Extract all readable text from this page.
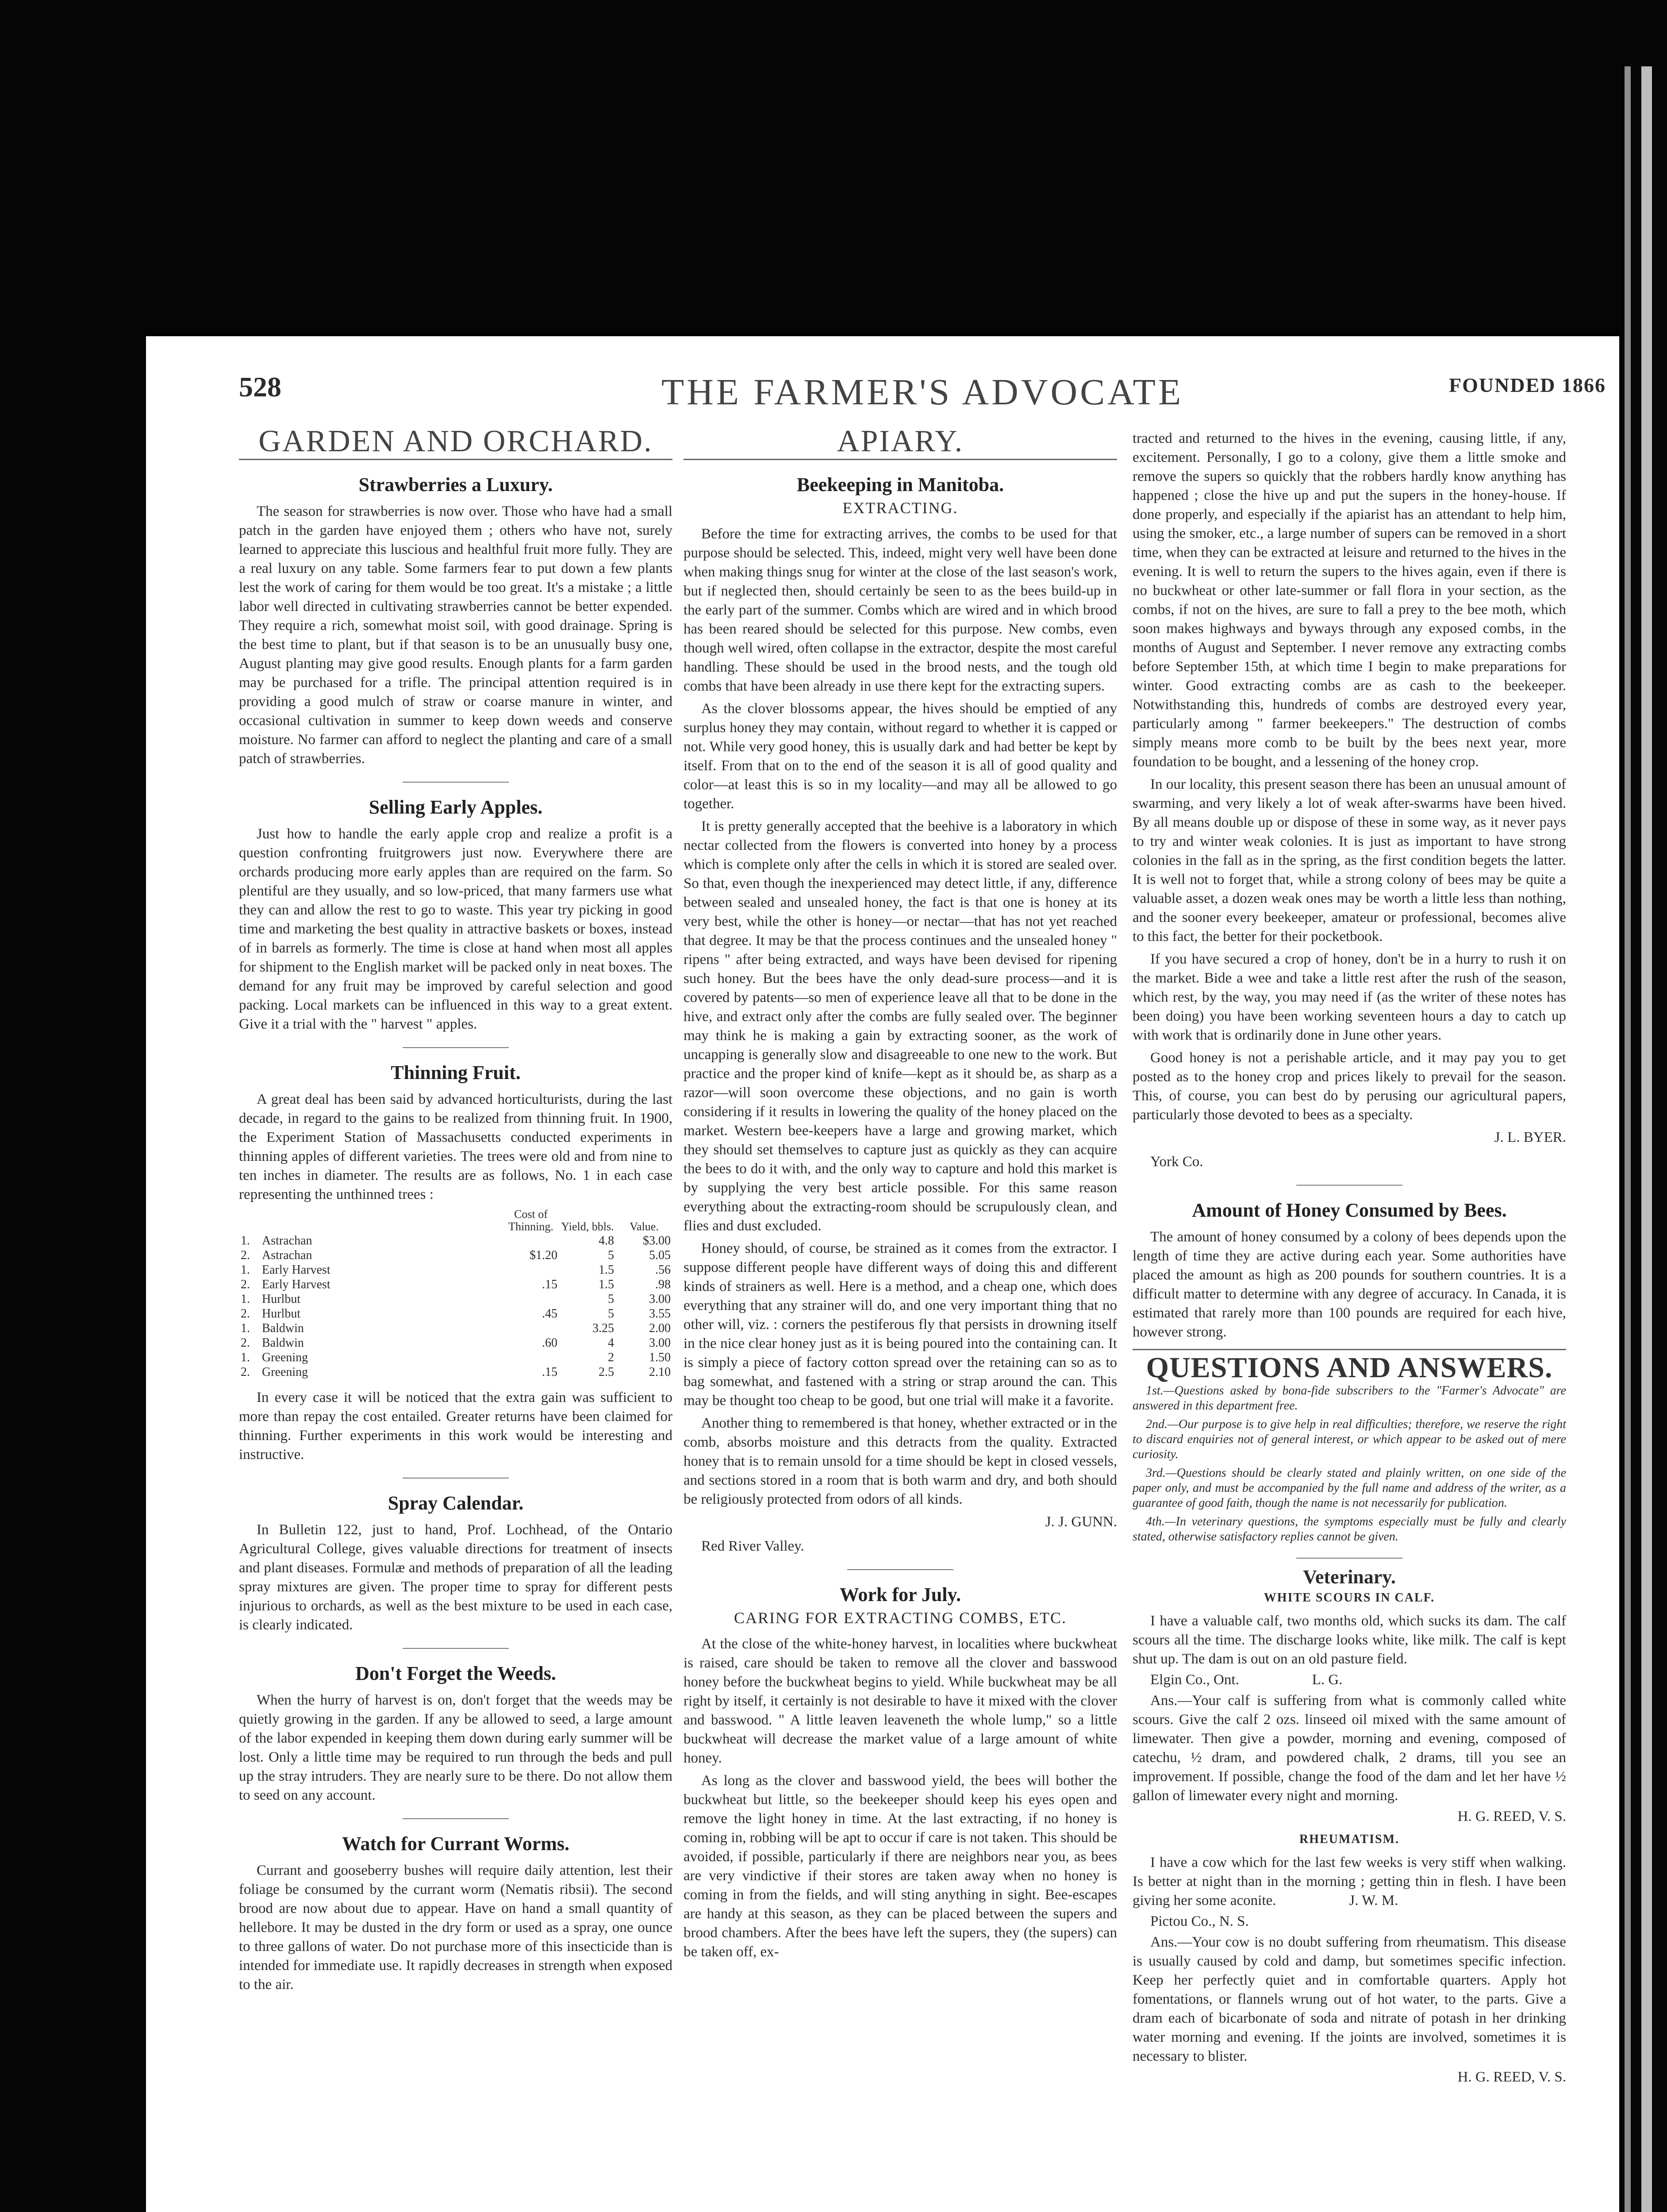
THE FARMER'S ADVOCATE
528	FOUNDED 1866
GARDEN AND ORCHARD.
Strawberries a Luxury.

The season for strawberries is now over. Those who have had a small patch in the garden have enjoyed them ; others who have not, surely learned to appreciate this luscious and healthful fruit more fully. They are a real luxury on any table. Some farmers fear to put down a few plants lest the work of caring for them would be too great. It's a mistake ; a little labor well directed in cultivating strawberries cannot be better expended. They require a rich, somewhat moist soil, with good drainage. Spring is the best time to plant, but if that season is to be an unusually busy one, August planting may give good results. Enough plants for a farm garden may be purchased for a trifle. The principal attention required is in providing a good mulch of straw or coarse manure in winter, and occasional cultivation in summer to keep down weeds and conserve moisture. No farmer can afford to neglect the planting and care of a small patch of strawberries.

Selling Early Apples.

Just how to handle the early apple crop and realize a profit is a question confronting fruitgrowers just now. Everywhere there are orchards producing more early apples than are required on the farm. So plentiful are they usually, and so low-priced, that many farmers use what they can and allow the rest to go to waste. This year try picking in good time and marketing the best quality in attractive baskets or boxes, instead of in barrels as formerly. The time is close at hand when most all apples for shipment to the English market will be packed only in neat boxes. The demand for any fruit may be improved by careful selection and good packing. Local markets can be influenced in this way to a great extent. Give it a trial with the " harvest " apples.

Thinning Fruit.

A great deal has been said by advanced horticulturists, during the last decade, in regard to the gains to be realized from thinning fruit. In 1900, the Experiment Station of Massachusetts conducted experiments in thinning apples of different varieties. The trees were old and from nine to ten inches in diameter. The results are as follows, No. 1 in each case representing the unthinned trees :

		Cost of Thinning.	Yield, bbls.	Value.
1.	Astrachan		4.8	$3.00
2.	Astrachan	$1.20	5	5.05
1.	Early Harvest		1.5	.56
2.	Early Harvest	.15	1.5	.98
1.	Hurlbut		5	3.00
2.	Hurlbut	.45	5	3.55
1.	Baldwin		3.25	2.00
2.	Baldwin	.60	4	3.00
1.	Greening		2	1.50
2.	Greening	.15	2.5	2.10

In every case it will be noticed that the extra gain was sufficient to more than repay the cost entailed. Greater returns have been claimed for thinning. Further experiments in this work would be interesting and instructive.

Spray Calendar.

In Bulletin 122, just to hand, Prof. Lochhead, of the Ontario Agricultural College, gives valuable directions for treatment of insects and plant diseases. Formulæ and methods of preparation of all the leading spray mixtures are given. The proper time to spray for different pests injurious to orchards, as well as the best mixture to be used in each case, is clearly indicated.

Don't Forget the Weeds.

When the hurry of harvest is on, don't forget that the weeds may be quietly growing in the garden. If any be allowed to seed, a large amount of the labor expended in keeping them down during early summer will be lost. Only a little time may be required to run through the beds and pull up the stray intruders. They are nearly sure to be there. Do not allow them to seed on any account.

Watch for Currant Worms.

Currant and gooseberry bushes will require daily attention, lest their foliage be consumed by the currant worm (Nematis ribsii). The second brood are now about due to appear. Have on hand a small quantity of hellebore. It may be dusted in the dry form or used as a spray, one ounce to three gallons of water. Do not purchase more of this insecticide than is intended for immediate use. It rapidly decreases in strength when exposed to the air.

APIARY.
Beekeeping in Manitoba.
EXTRACTING.

Before the time for extracting arrives, the combs to be used for that purpose should be selected. This, indeed, might very well have been done when making things snug for winter at the close of the last season's work, but if neglected then, should certainly be seen to as the bees build-up in the early part of the summer. Combs which are wired and in which brood has been reared should be selected for this purpose. New combs, even though well wired, often collapse in the extractor, despite the most careful handling. These should be used in the brood nests, and the tough old combs that have been already in use there kept for the extracting supers.

As the clover blossoms appear, the hives should be emptied of any surplus honey they may contain, without regard to whether it is capped or not. While very good honey, this is usually dark and had better be kept by itself. From that on to the end of the season it is all of good quality and color—at least this is so in my locality—and may all be allowed to go together.

It is pretty generally accepted that the beehive is a laboratory in which nectar collected from the flowers is converted into honey by a process which is complete only after the cells in which it is stored are sealed over. So that, even though the inexperienced may detect little, if any, difference between sealed and unsealed honey, the fact is that one is honey at its very best, while the other is honey—or nectar—that has not yet reached that degree. It may be that the process continues and the unsealed honey " ripens " after being extracted, and ways have been devised for ripening such honey. But the bees have the only dead-sure process—and it is covered by patents—so men of experience leave all that to be done in the hive, and extract only after the combs are fully sealed over. The beginner may think he is making a gain by extracting sooner, as the work of uncapping is generally slow and disagreeable to one new to the work. But practice and the proper kind of knife—kept as it should be, as sharp as a razor—will soon overcome these objections, and no gain is worth considering if it results in lowering the quality of the honey placed on the market. Western bee-keepers have a large and growing market, which they should set themselves to capture just as quickly as they can acquire the bees to do it with, and the only way to capture and hold this market is by supplying the very best article possible. For this same reason everything about the extracting-room should be scrupulously clean, and flies and dust excluded.

Honey should, of course, be strained as it comes from the extractor. I suppose different people have different ways of doing this and different kinds of strainers as well. Here is a method, and a cheap one, which does everything that any strainer will do, and one very important thing that no other will, viz. : corners the pestiferous fly that persists in drowning itself in the nice clear honey just as it is being poured into the containing can. It is simply a piece of factory cotton spread over the retaining can so as to bag somewhat, and fastened with a string or strap around the can. This may be thought too cheap to be good, but one trial will make it a favorite.

Another thing to remembered is that honey, whether extracted or in the comb, absorbs moisture and this detracts from the quality. Extracted honey that is to remain unsold for a time should be kept in closed vessels, and sections stored in a room that is both warm and dry, and both should be religiously protected from odors of all kinds.

J. J. GUNN.

Red River Valley.

Work for July.
CARING FOR EXTRACTING COMBS, ETC.

At the close of the white-honey harvest, in localities where buckwheat is raised, care should be taken to remove all the clover and basswood honey before the buckwheat begins to yield. While buckwheat may be all right by itself, it certainly is not desirable to have it mixed with the clover and basswood. " A little leaven leaveneth the whole lump," so a little buckwheat will decrease the market value of a large amount of white honey.

As long as the clover and basswood yield, the bees will bother the buckwheat but little, so the beekeeper should keep his eyes open and remove the light honey in time. At the last extracting, if no honey is coming in, robbing will be apt to occur if care is not taken. This should be avoided, if possible, particularly if there are neighbors near you, as bees are very vindictive if their stores are taken away when no honey is coming in from the fields, and will sting anything in sight. Bee-escapes are handy at this season, as they can be placed between the supers and brood chambers. After the bees have left the supers, they (the supers) can be taken off, ex-

tracted and returned to the hives in the evening, causing little, if any, excitement. Personally, I go to a colony, give them a little smoke and remove the supers so quickly that the robbers hardly know anything has happened ; close the hive up and put the supers in the honey-house. If done properly, and especially if the apiarist has an attendant to help him, using the smoker, etc., a large number of supers can be removed in a short time, when they can be extracted at leisure and returned to the hives in the evening. It is well to return the supers to the hives again, even if there is no buckwheat or other late-summer or fall flora in your section, as the combs, if not on the hives, are sure to fall a prey to the bee moth, which soon makes highways and byways through any exposed combs, in the months of August and September. I never remove any extracting combs before September 15th, at which time I begin to make preparations for winter. Good extracting combs are as cash to the beekeeper. Notwithstanding this, hundreds of combs are destroyed every year, particularly among " farmer beekeepers." The destruction of combs simply means more comb to be built by the bees next year, more foundation to be bought, and a lessening of the honey crop.

In our locality, this present season there has been an unusual amount of swarming, and very likely a lot of weak after-swarms have been hived. By all means double up or dispose of these in some way, as it never pays to try and winter weak colonies. It is just as important to have strong colonies in the fall as in the spring, as the first condition begets the latter. It is well not to forget that, while a strong colony of bees may be quite a valuable asset, a dozen weak ones may be worth a little less than nothing, and the sooner every beekeeper, amateur or professional, becomes alive to this fact, the better for their pocketbook.

If you have secured a crop of honey, don't be in a hurry to rush it on the market. Bide a wee and take a little rest after the rush of the season, which rest, by the way, you may need if (as the writer of these notes has been doing) you have been working seventeen hours a day to catch up with work that is ordinarily done in June other years.

Good honey is not a perishable article, and it may pay you to get posted as to the honey crop and prices likely to prevail for the season. This, of course, you can best do by perusing our agricultural papers, particularly those devoted to bees as a specialty.

J. L. BYER.

York Co.

Amount of Honey Consumed by Bees.

The amount of honey consumed by a colony of bees depends upon the length of time they are active during each year. Some authorities have placed the amount as high as 200 pounds for southern countries. It is a difficult matter to determine with any degree of accuracy. In Canada, it is estimated that rarely more than 100 pounds are required for each hive, however strong.

QUESTIONS AND ANSWERS.

1st.—Questions asked by bona-fide subscribers to the "Farmer's Advocate" are answered in this department free.

2nd.—Our purpose is to give help in real difficulties; therefore, we reserve the right to discard enquiries not of general interest, or which appear to be asked out of mere curiosity.

3rd.—Questions should be clearly stated and plainly written, on one side of the paper only, and must be accompanied by the full name and address of the writer, as a guarantee of good faith, though the name is not necessarily for publication.

4th.—In veterinary questions, the symptoms especially must be fully and clearly stated, otherwise satisfactory replies cannot be given.

Veterinary.

WHITE SCOURS IN CALF.

I have a valuable calf, two months old, which sucks its dam. The calf scours all the time. The discharge looks white, like milk. The calf is kept shut up. The dam is out on an old pasture field.

Elgin Co., Ont.                    L. G.

Ans.—Your calf is suffering from what is commonly called white scours. Give the calf 2 ozs. linseed oil mixed with the same amount of limewater. Then give a powder, morning and evening, composed of catechu, ½ dram, and powdered chalk, 2 drams, till you see an improvement. If possible, change the food of the dam and let her have ½ gallon of limewater every night and morning.

H. G. REED, V. S.

RHEUMATISM.

I have a cow which for the last few weeks is very stiff when walking. Is better at night than in the morning ; getting thin in flesh. I have been giving her some aconite.                    J. W. M.

Pictou Co., N. S.

Ans.—Your cow is no doubt suffering from rheumatism. This disease is usually caused by cold and damp, but sometimes specific infection. Keep her perfectly quiet and in comfortable quarters. Apply hot fomentations, or flannels wrung out of hot water, to the parts. Give a dram each of bicarbonate of soda and nitrate of potash in her drinking water morning and evening. If the joints are involved, sometimes it is necessary to blister.

H. G. REED, V. S.
